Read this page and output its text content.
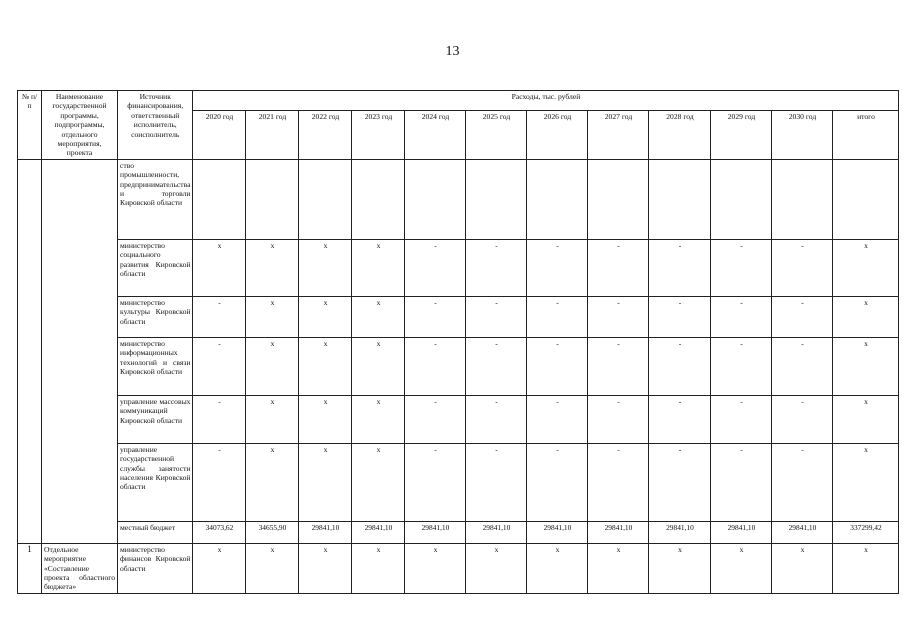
13
№ п/п	Наименование государственной программы, подпрограммы, отдельного мероприятия, проекта	Источник финансирования, ответственный исполнитель, соисполнитель	Расходы, тыс. рублей											
			2020 год	2021 год	2022 год	2023 год	2024 год	2025 год	2026 год	2027 год	2028 год	2029 год	2030 год	итого
		ство промышленности, предпринимательства и торговли Кировской области												
		министерство социального развития Кировской области	х	х	х	х	-	-	-	-	-	-	-	х
		министерство культуры Кировской области	-	х	х	х	-	-	-	-	-	-	-	х
		министерство информационных технологий и связи Кировской области	-	х	х	х	-	-	-	-	-	-	-	х
		управление массовых коммуникаций Кировской области	-	х	х	х	-	-	-	-	-	-	-	х
		управление государственной службы занятости населения Кировской области	-	х	х	х	-	-	-	-	-	-	-	х
		местный бюджет	34073,62	34655,90	29841,10	29841,10	29841,10	29841,10	29841,10	29841,10	29841,10	29841,10	29841,10	337299,42
1	Отдельное мероприятие «Составление проекта областного бюджета»	министерство финансов Кировской области	х	х	х	х	х	х	х	х	х	х	х	х
